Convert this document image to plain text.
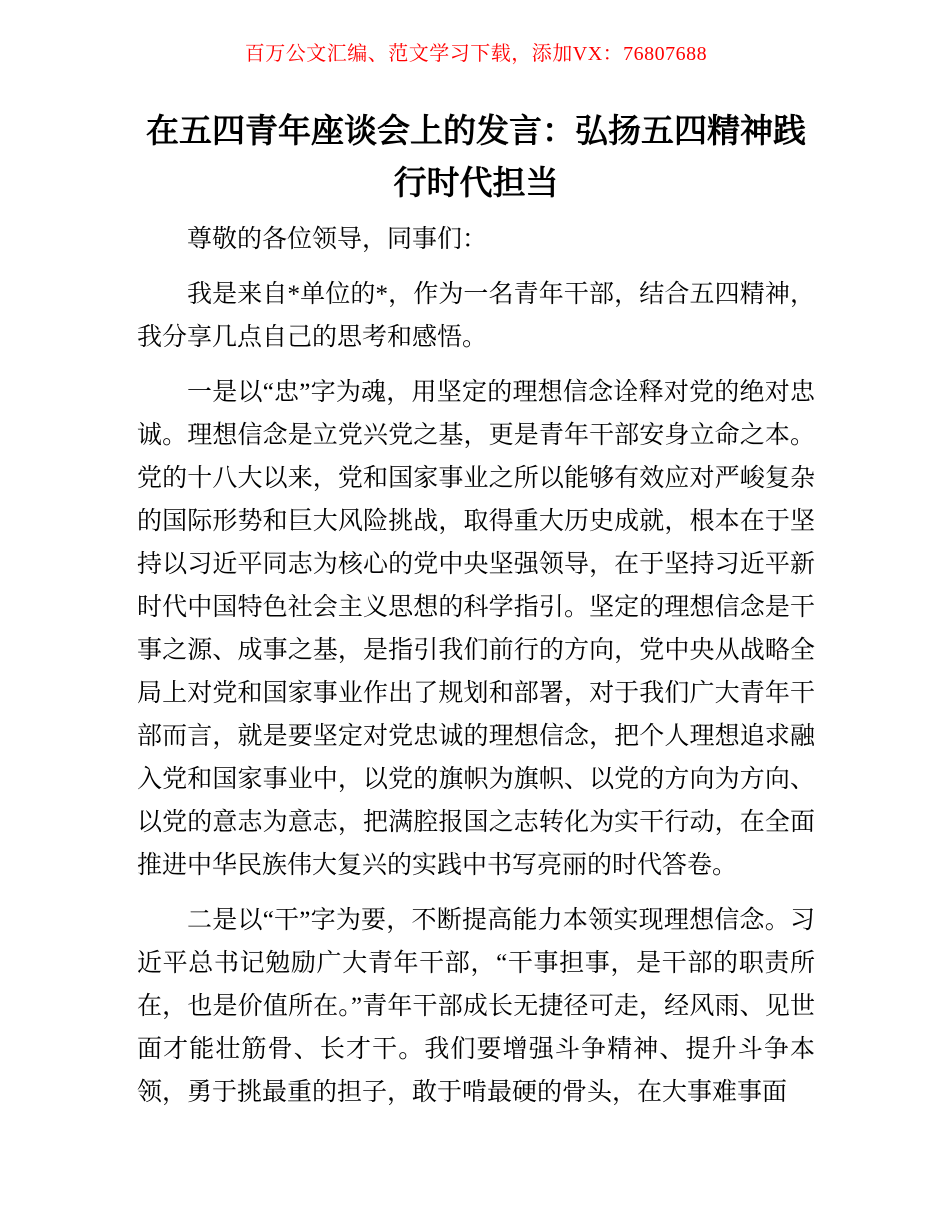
百万公文汇编、范文学习下载，添加VX：76807688
在五四青年座谈会上的发言：弘扬五四精神践行时代担当

尊敬的各位领导，同事们：

我是来自*单位的*，作为一名青年干部，结合五四精神，我分享几点自己的思考和感悟。

一是以“忠”字为魂，用坚定的理想信念诠释对党的绝对忠诚。理想信念是立党兴党之基，更是青年干部安身立命之本。党的十八大以来，党和国家事业之所以能够有效应对严峻复杂的国际形势和巨大风险挑战，取得重大历史成就，根本在于坚持以习近平同志为核心的党中央坚强领导，在于坚持习近平新时代中国特色社会主义思想的科学指引。坚定的理想信念是干事之源、成事之基，是指引我们前行的方向，党中央从战略全局上对党和国家事业作出了规划和部署，对于我们广大青年干部而言，就是要坚定对党忠诚的理想信念，把个人理想追求融入党和国家事业中，以党的旗帜为旗帜、以党的方向为方向、以党的意志为意志，把满腔报国之志转化为实干行动，在全面推进中华民族伟大复兴的实践中书写亮丽的时代答卷。

二是以“干”字为要，不断提高能力本领实现理想信念。习近平总书记勉励广大青年干部，“干事担事，是干部的职责所在，也是价值所在。”青年干部成长无捷径可走，经风雨、见世面才能壮筋骨、长才干。我们要增强斗争精神、提升斗争本领，勇于挑最重的担子，敢于啃最硬的骨头，在大事难事面
